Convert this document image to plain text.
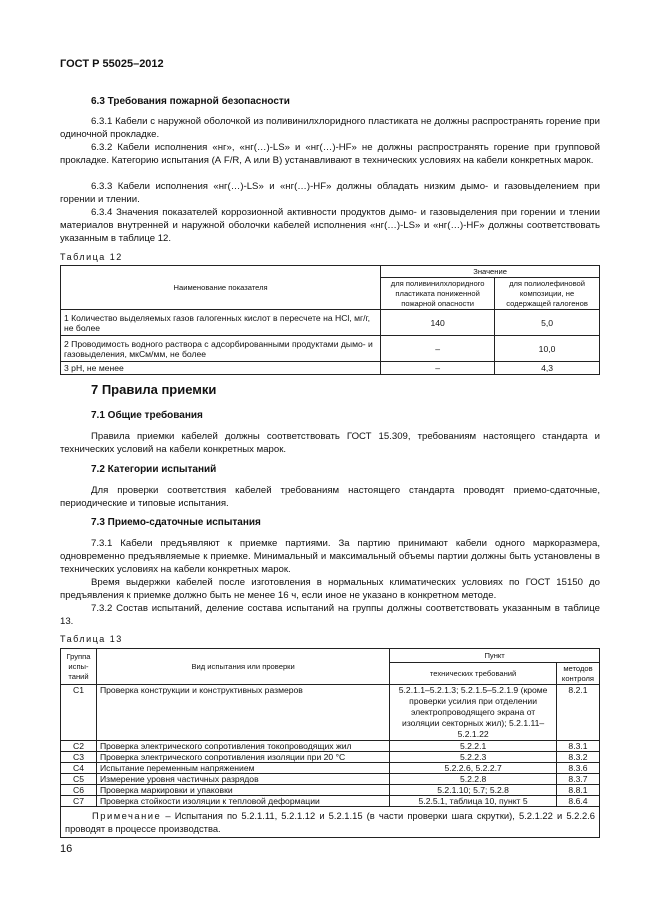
ГОСТ Р 55025–2012
6.3 Требования пожарной безопасности
6.3.1 Кабели с наружной оболочкой из поливинилхлоридного пластиката не должны распространять горение при одиночной прокладке.
6.3.2 Кабели исполнения «нг», «нг(…)-LS» и «нг(…)-HF» не должны распространять горение при групповой прокладке. Категорию испытания (А F/R, А или В) устанавливают в технических условиях на кабели конкретных марок.
6.3.3 Кабели исполнения «нг(…)-LS» и «нг(…)-HF» должны обладать низким дымо- и газовыделением при горении и тлении.
6.3.4 Значения показателей коррозионной активности продуктов дымо- и газовыделения при горении и тлении материалов внутренней и наружной оболочки кабелей исполнения «нг(…)-LS» и «нг(…)-HF» должны соответствовать указанным в таблице 12.
Таблица 12
Наименование показателя	Значение	
	для поливинилхлоридного пластиката пониженной пожарной опасности	для полиолефиновой композиции, не содержащей галогенов
1 Количество выделяемых газов галогенных кислот в пересчете на HCl, мг/г, не более	140	5,0
2 Проводимость водного раствора с адсорбированными продуктами дымо- и газовыделения, мкСм/мм, не более	–	10,0
3 pH, не менее	–	4,3
7 Правила приемки
7.1 Общие требования
Правила приемки кабелей должны соответствовать ГОСТ 15.309, требованиям настоящего стандарта и технических условий на кабели конкретных марок.
7.2 Категории испытаний
Для проверки соответствия кабелей требованиям настоящего стандарта проводят приемо-сдаточные, периодические и типовые испытания.
7.3 Приемо-сдаточные испытания
7.3.1 Кабели предъявляют к приемке партиями. За партию принимают кабели одного маркоразмера, одновременно предъявляемые к приемке. Минимальный и максимальный объемы партии должны быть установлены в технических условиях на кабели конкретных марок.
Время выдержки кабелей после изготовления в нормальных климатических условиях по ГОСТ 15150 до предъявления к приемке должно быть не менее 16 ч, если иное не указано в конкретном методе.
7.3.2 Состав испытаний, деление состава испытаний на группы должны соответствовать указанным в таблице 13.
Таблица 13
Группа испы-таний	Вид испытания или проверки	Пункт	
		технических требований	методов контроля
С1	Проверка конструкции и конструктивных размеров	5.2.1.1–5.2.1.3; 5.2.1.5–5.2.1.9 (кроме проверки усилия при отделении электропроводящего экрана от изоляции секторных жил); 5.2.1.11–5.2.1.22	8.2.1
С2	Проверка электрического сопротивления токопроводящих жил	5.2.2.1	8.3.1
С3	Проверка электрического сопротивления изоляции при 20 °С	5.2.2.3	8.3.2
С4	Испытание переменным напряжением	5.2.2.6, 5.2.2.7	8.3.6
С5	Измерение уровня частичных разрядов	5.2.2.8	8.3.7
С6	Проверка маркировки и упаковки	5.2.1.10; 5.7; 5.2.8	8.8.1
С7	Проверка стойкости изоляции к тепловой деформации	5.2.5.1, таблица 10, пункт 5	8.6.4
Примечание – Испытания по 5.2.1.11, 5.2.1.12 и 5.2.1.15 (в части проверки шага скрутки), 5.2.1.22 и 5.2.2.6 проводят в процессе производства.			
16
